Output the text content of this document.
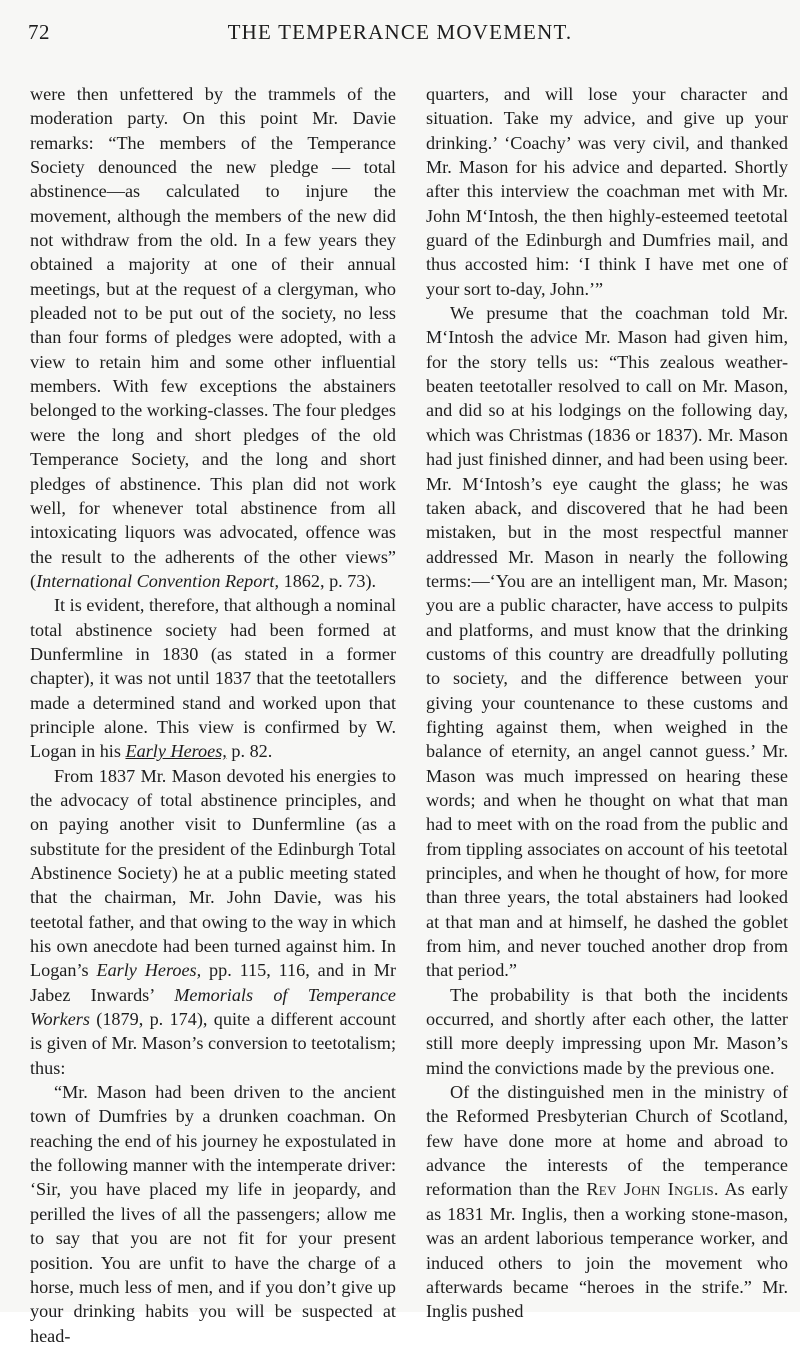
72	THE TEMPERANCE MOVEMENT.

were then unfettered by the trammels of the moderation party. On this point Mr. Davie remarks: “The members of the Temperance Society denounced the new pledge — total abstinence—as calculated to injure the movement, although the members of the new did not withdraw from the old. In a few years they obtained a majority at one of their annual meetings, but at the request of a clergyman, who pleaded not to be put out of the society, no less than four forms of pledges were adopted, with a view to retain him and some other influential members. With few exceptions the abstainers belonged to the working-classes. The four pledges were the long and short pledges of the old Temperance Society, and the long and short pledges of abstinence. This plan did not work well, for whenever total abstinence from all intoxicating liquors was advocated, offence was the result to the adherents of the other views” (International Convention Report, 1862, p. 73).

It is evident, therefore, that although a nominal total abstinence society had been formed at Dunfermline in 1830 (as stated in a former chapter), it was not until 1837 that the teetotallers made a determined stand and worked upon that principle alone. This view is confirmed by W. Logan in his Early Heroes, p. 82.

From 1837 Mr. Mason devoted his energies to the advocacy of total abstinence principles, and on paying another visit to Dunfermline (as a substitute for the president of the Edinburgh Total Abstinence Society) he at a public meeting stated that the chairman, Mr. John Davie, was his teetotal father, and that owing to the way in which his own anecdote had been turned against him. In Logan’s Early Heroes, pp. 115, 116, and in Mr Jabez Inwards’ Memorials of Temperance Workers (1879, p. 174), quite a different account is given of Mr. Mason’s conversion to teetotalism; thus:

“Mr. Mason had been driven to the ancient town of Dumfries by a drunken coachman. On reaching the end of his journey he expostulated in the following manner with the intemperate driver: ‘Sir, you have placed my life in jeopardy, and perilled the lives of all the passengers; allow me to say that you are not fit for your present position. You are unfit to have the charge of a horse, much less of men, and if you don’t give up your drinking habits you will be suspected at head-

quarters, and will lose your character and situation. Take my advice, and give up your drinking.’ ‘Coachy’ was very civil, and thanked Mr. Mason for his advice and departed. Shortly after this interview the coachman met with Mr. John M‘Intosh, the then highly-esteemed teetotal guard of the Edinburgh and Dumfries mail, and thus accosted him: ‘I think I have met one of your sort to-day, John.’”

We presume that the coachman told Mr. M‘Intosh the advice Mr. Mason had given him, for the story tells us: “This zealous weather-beaten teetotaller resolved to call on Mr. Mason, and did so at his lodgings on the following day, which was Christmas (1836 or 1837). Mr. Mason had just finished dinner, and had been using beer. Mr. M‘Intosh’s eye caught the glass; he was taken aback, and discovered that he had been mistaken, but in the most respectful manner addressed Mr. Mason in nearly the following terms:—‘You are an intelligent man, Mr. Mason; you are a public character, have access to pulpits and platforms, and must know that the drinking customs of this country are dreadfully polluting to society, and the difference between your giving your countenance to these customs and fighting against them, when weighed in the balance of eternity, an angel cannot guess.’ Mr. Mason was much impressed on hearing these words; and when he thought on what that man had to meet with on the road from the public and from tippling associates on account of his teetotal principles, and when he thought of how, for more than three years, the total abstainers had looked at that man and at himself, he dashed the goblet from him, and never touched another drop from that period.”

The probability is that both the incidents occurred, and shortly after each other, the latter still more deeply impressing upon Mr. Mason’s mind the convictions made by the previous one.

Of the distinguished men in the ministry of the Reformed Presbyterian Church of Scotland, few have done more at home and abroad to advance the interests of the temperance reformation than the Rev John Inglis. As early as 1831 Mr. Inglis, then a working stone-mason, was an ardent laborious temperance worker, and induced others to join the movement who afterwards became “heroes in the strife.” Mr. Inglis pushed
